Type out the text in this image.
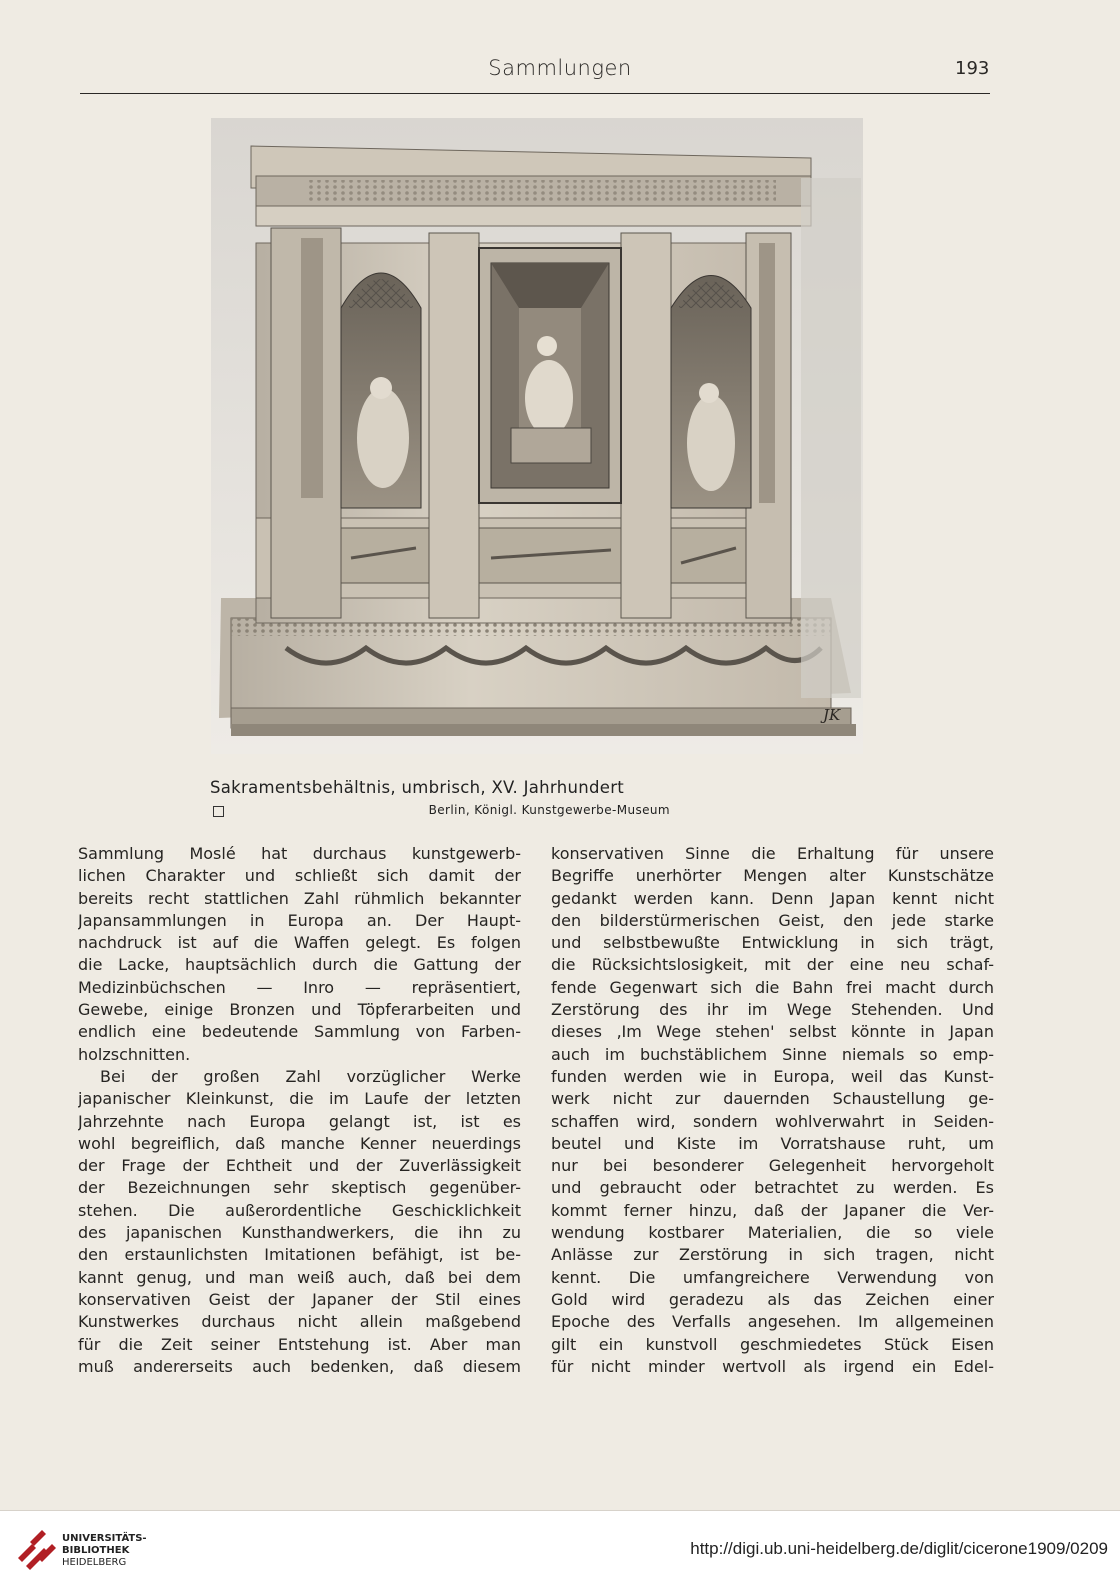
Sammlungen	193
JK
Sakramentsbehältnis, umbrisch, XV. Jahrhundert
Berlin, Königl. Kunstgewerbe-Museum

Sammlung Moslé hat durchaus kunstgewerb-
lichen Charakter und schließt sich damit der
bereits recht stattlichen Zahl rühmlich bekannter
Japansammlungen in Europa an. Der Haupt-
nachdruck ist auf die Waffen gelegt. Es folgen
die Lacke, hauptsächlich durch die Gattung der
Medizinbüchschen — Inro — repräsentiert,
Gewebe, einige Bronzen und Töpferarbeiten und
endlich eine bedeutende Sammlung von Farben-
holzschnitten.
Bei der großen Zahl vorzüglicher Werke
japanischer Kleinkunst, die im Laufe der letzten
Jahrzehnte nach Europa gelangt ist, ist es
wohl begreiflich, daß manche Kenner neuerdings
der Frage der Echtheit und der Zuverlässigkeit
der Bezeichnungen sehr skeptisch gegenüber-
stehen. Die außerordentliche Geschicklichkeit
des japanischen Kunsthandwerkers, die ihn zu
den erstaunlichsten Imitationen befähigt, ist be-
kannt genug, und man weiß auch, daß bei dem
konservativen Geist der Japaner der Stil eines
Kunstwerkes durchaus nicht allein maßgebend
für die Zeit seiner Entstehung ist. Aber man
muß andererseits auch bedenken, daß diesem

konservativen Sinne die Erhaltung für unsere
Begriffe unerhörter Mengen alter Kunstschätze
gedankt werden kann. Denn Japan kennt nicht
den bilderstürmerischen Geist, den jede starke
und selbstbewußte Entwicklung in sich trägt,
die Rücksichtslosigkeit, mit der eine neu schaf-
fende Gegenwart sich die Bahn frei macht durch
Zerstörung des ihr im Wege Stehenden. Und
dieses ‚Im Wege stehen' selbst könnte in Japan
auch im buchstäblichem Sinne niemals so emp-
funden werden wie in Europa, weil das Kunst-
werk nicht zur dauernden Schaustellung ge-
schaffen wird, sondern wohlverwahrt in Seiden-
beutel und Kiste im Vorratshause ruht, um
nur bei besonderer Gelegenheit hervorgeholt
und gebraucht oder betrachtet zu werden. Es
kommt ferner hinzu, daß der Japaner die Ver-
wendung kostbarer Materialien, die so viele
Anlässe zur Zerstörung in sich tragen, nicht
kennt. Die umfangreichere Verwendung von
Gold wird geradezu als das Zeichen einer
Epoche des Verfalls angesehen. Im allgemeinen
gilt ein kunstvoll geschmiedetes Stück Eisen
für nicht minder wertvoll als irgend ein Edel-

UNIVERSITÄTS-
BIBLIOTHEK
HEIDELBERG
http://digi.ub.uni-heidelberg.de/diglit/cicerone1909/0209
